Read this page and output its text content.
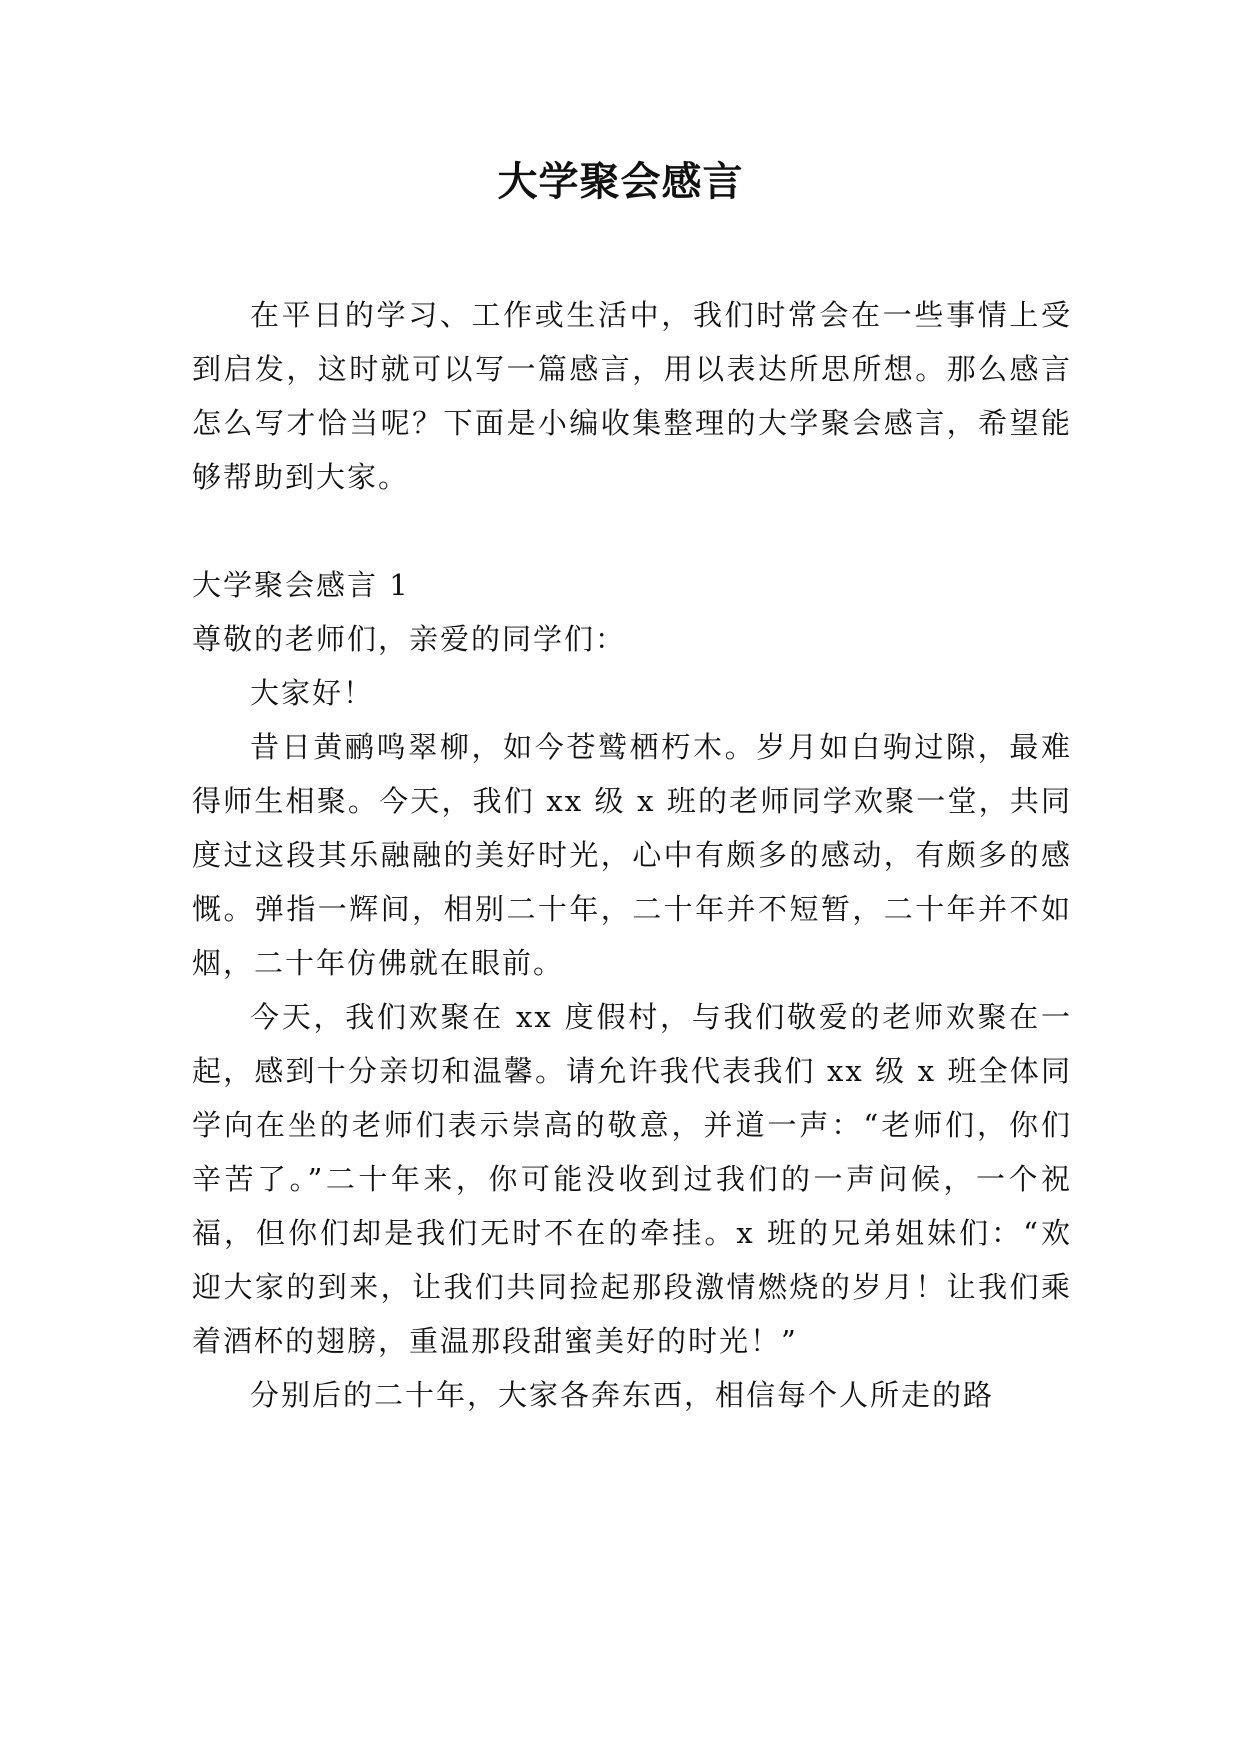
大学聚会感言

在平日的学习、工作或生活中，我们时常会在一些事情上受到启发，这时就可以写一篇感言，用以表达所思所想。那么感言怎么写才恰当呢？下面是小编收集整理的大学聚会感言，希望能够帮助到大家。

大学聚会感言 1

尊敬的老师们，亲爱的同学们：

大家好！

昔日黄鹂鸣翠柳，如今苍鹫栖朽木。岁月如白驹过隙，最难得师生相聚。今天，我们 xx 级 x 班的老师同学欢聚一堂，共同度过这段其乐融融的美好时光，心中有颇多的感动，有颇多的感慨。弹指一辉间，相别二十年，二十年并不短暂，二十年并不如烟，二十年仿佛就在眼前。

今天，我们欢聚在 xx 度假村，与我们敬爱的老师欢聚在一起，感到十分亲切和温馨。请允许我代表我们 xx 级 x 班全体同学向在坐的老师们表示崇高的敬意，并道一声：“老师们，你们辛苦了。”二十年来，你可能没收到过我们的一声问候，一个祝福，但你们却是我们无时不在的牵挂。x 班的兄弟姐妹们：“欢迎大家的到来，让我们共同捡起那段激情燃烧的岁月！让我们乘着酒杯的翅膀，重温那段甜蜜美好的时光！”

分别后的二十年，大家各奔东西，相信每个人所走的路
